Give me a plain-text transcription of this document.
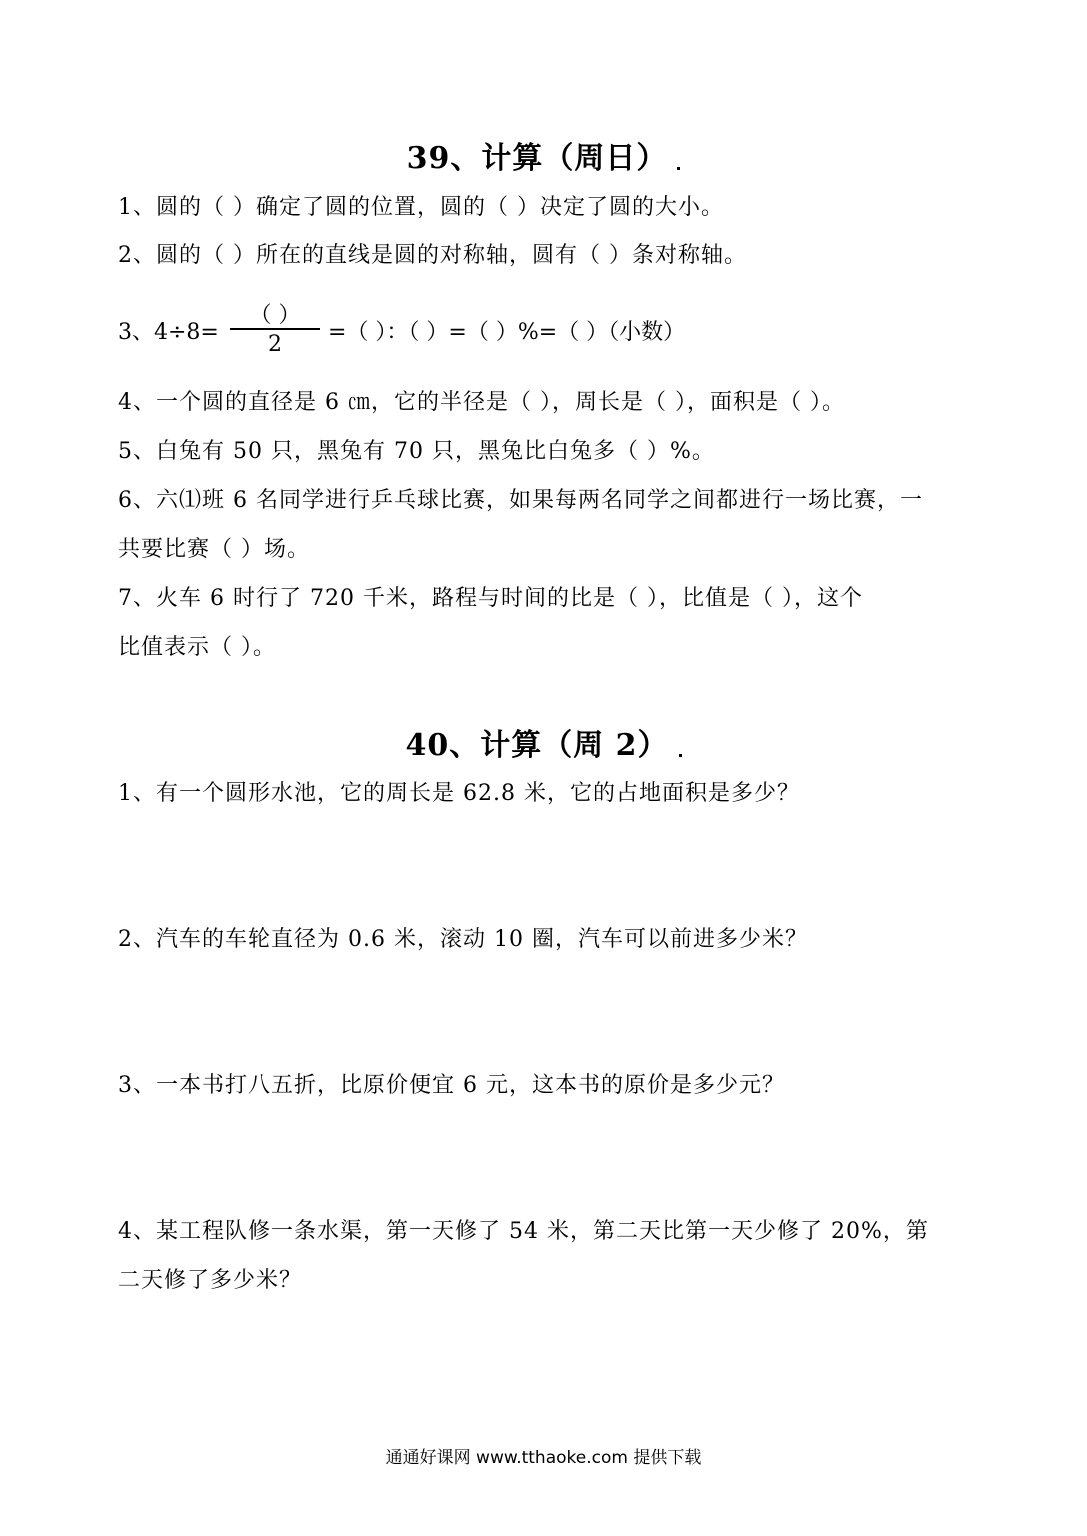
39、计算（周日）
1、圆的（ ）确定了圆的位置，圆的（ ）决定了圆的大小。
2、圆的（ ）所在的直线是圆的对称轴，圆有（ ）条对称轴。
3、4÷8=
（ ）
2	=（ ）：（ ）=（ ）%=（ ）（小数）
4、一个圆的直径是 6 ㎝，它的半径是（ ），周长是（ ），面积是（ ）。
5、白兔有 50 只，黑兔有 70 只，黑兔比白兔多（ ）%。
6、六⑴班 6 名同学进行乒乓球比赛，如果每两名同学之间都进行一场比赛，一
共要比赛（ ）场。
7、火车 6 时行了 720 千米，路程与时间的比是（ ），比值是（ ），这个
比值表示（ ）。
40、计算（周 2）
1、有一个圆形水池，它的周长是 62.8 米，它的占地面积是多少？
2、汽车的车轮直径为 0.6 米，滚动 10 圈，汽车可以前进多少米？
3、一本书打八五折，比原价便宜 6 元，这本书的原价是多少元？
4、某工程队修一条水渠，第一天修了 54 米，第二天比第一天少修了 20%，第
二天修了多少米？
通通好课网 www.tthaoke.com 提供下载
